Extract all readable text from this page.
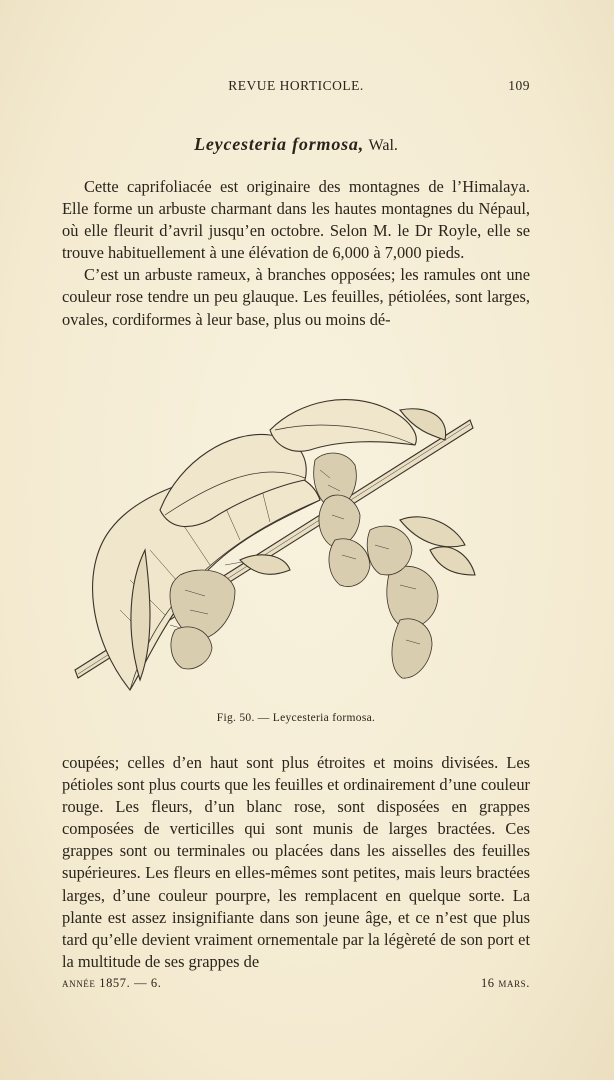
REVUE HORTICOLE.	109
Leycesteria formosa, Wal.

Cette caprifoliacée est originaire des montagnes de l’Himalaya. Elle forme un arbuste charmant dans les hautes montagnes du Népaul, où elle fleurit d’avril jusqu’en octobre. Selon M. le Dr Royle, elle se trouve habituellement à une élévation de 6,000 à 7,000 pieds.

C’est un arbuste rameux, à branches opposées; les ramules ont une couleur rose tendre un peu glauque. Les feuilles, pétiolées, sont larges, ovales, cordiformes à leur base, plus ou moins dé-

Fig. 50. — Leycesteria formosa.

coupées; celles d’en haut sont plus étroites et moins divisées. Les pétioles sont plus courts que les feuilles et ordinairement d’une couleur rouge. Les fleurs, d’un blanc rose, sont disposées en grappes composées de verticilles qui sont munis de larges bractées. Ces grappes sont ou terminales ou placées dans les aisselles des feuilles supérieures. Les fleurs en elles-mêmes sont petites, mais leurs bractées larges, d’une couleur pourpre, les remplacent en quelque sorte. La plante est assez insignifiante dans son jeune âge, et ce n’est que plus tard qu’elle devient vraiment ornementale par la légèreté de son port et la multitude de ses grappes de

année 1857. — 6.	16 mars.
